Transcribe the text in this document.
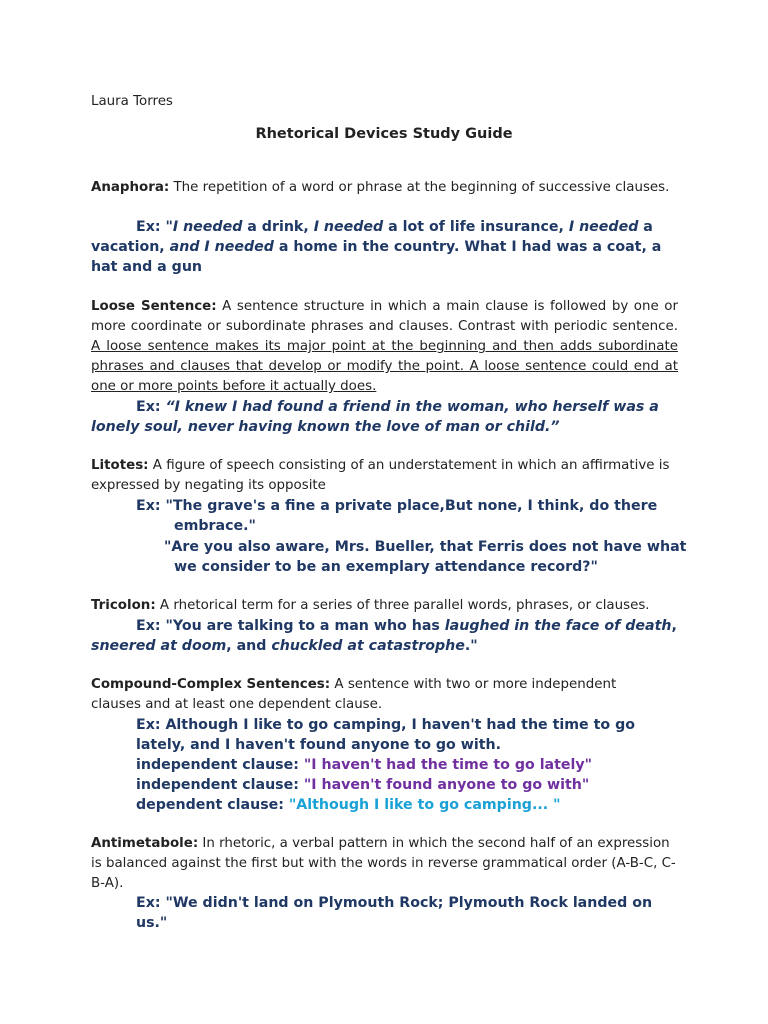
Laura Torres

Rhetorical Devices Study Guide

Anaphora: The repetition of a word or phrase at the beginning of successive clauses.

Ex: "I needed a drink, I needed a lot of life insurance, I needed a vacation, and I needed a home in the country. What I had was a coat, a hat and a gun

Loose Sentence: A sentence structure in which a main clause is followed by one or more coordinate or subordinate phrases and clauses. Contrast with periodic sentence. A loose sentence makes its major point at the beginning and then adds subordinate phrases and clauses that develop or modify the point. A loose sentence could end at one or more points before it actually does.

Ex: “I knew I had found a friend in the woman, who herself was a lonely soul, never having known the love of man or child.”

Litotes: A figure of speech consisting of an understatement in which an affirmative is expressed by negating its opposite

Ex: "The grave's a fine a private place,But none, I think, do there embrace."

"Are you also aware, Mrs. Bueller, that Ferris does not have what we consider to be an exemplary attendance record?"

Tricolon: A rhetorical term for a series of three parallel words, phrases, or clauses.

Ex: "You are talking to a man who has laughed in the face of death, sneered at doom, and chuckled at catastrophe."

Compound-Complex Sentences: A sentence with two or more independent clauses and at least one dependent clause.

Ex: Although I like to go camping, I haven't had the time to go lately, and I haven't found anyone to go with.

independent clause: "I haven't had the time to go lately"

independent clause: "I haven't found anyone to go with"

dependent clause: "Although I like to go camping... "

Antimetabole: In rhetoric, a verbal pattern in which the second half of an expression is balanced against the first but with the words in reverse grammatical order (A-B-C, C-B-A).

Ex: "We didn't land on Plymouth Rock; Plymouth Rock landed on us."
